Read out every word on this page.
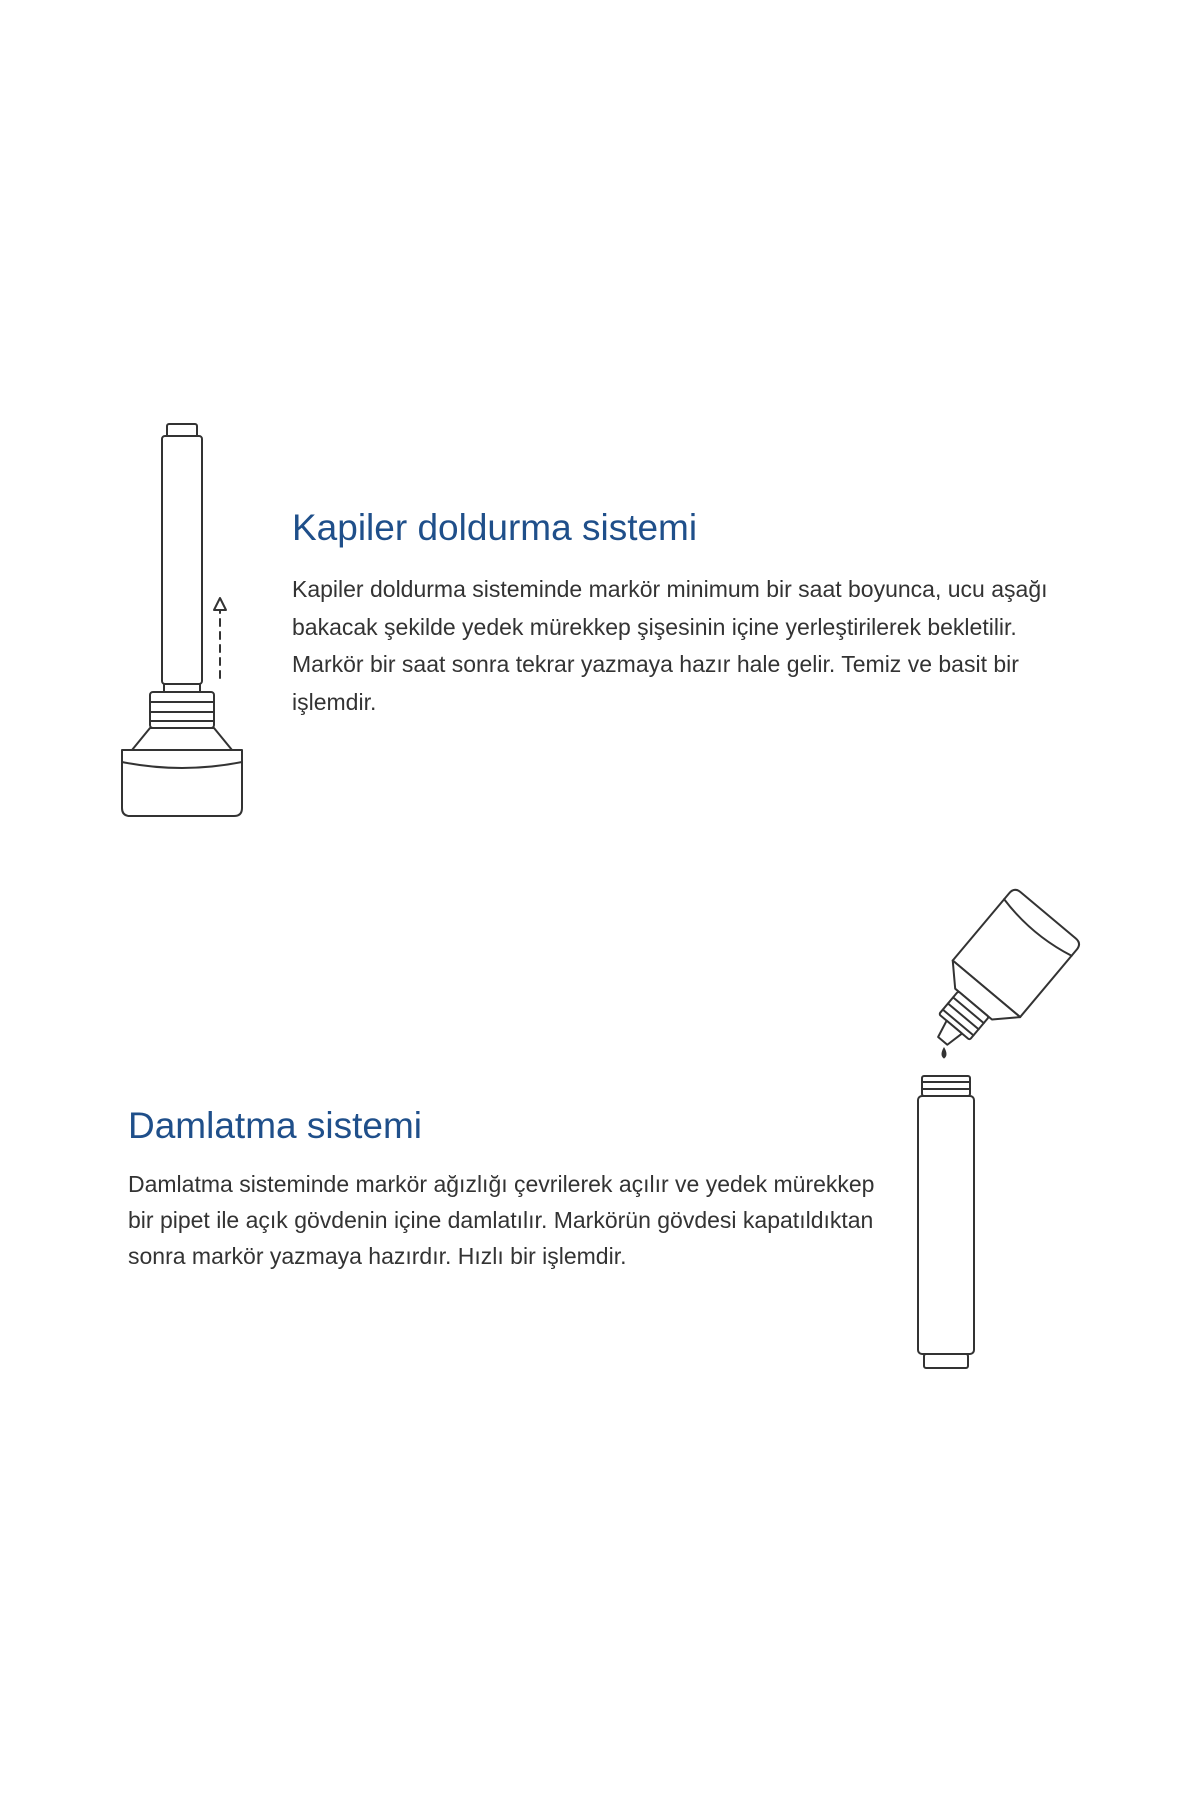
Kapiler doldurma sistemi

Kapiler doldurma sisteminde markör minimum bir saat boyunca, ucu aşağı bakacak şekilde yedek mürekkep şişesinin içine yerleştirilerek bekletilir. Markör bir saat sonra tekrar yazmaya hazır hale gelir. Temiz ve basit bir işlemdir.

Damlatma sistemi

Damlatma sisteminde markör ağızlığı çevrilerek açılır ve yedek mürekkep bir pipet ile açık gövdenin içine damlatılır. Markörün gövdesi kapatıldıktan sonra markör yazmaya hazırdır. Hızlı bir işlemdir.
